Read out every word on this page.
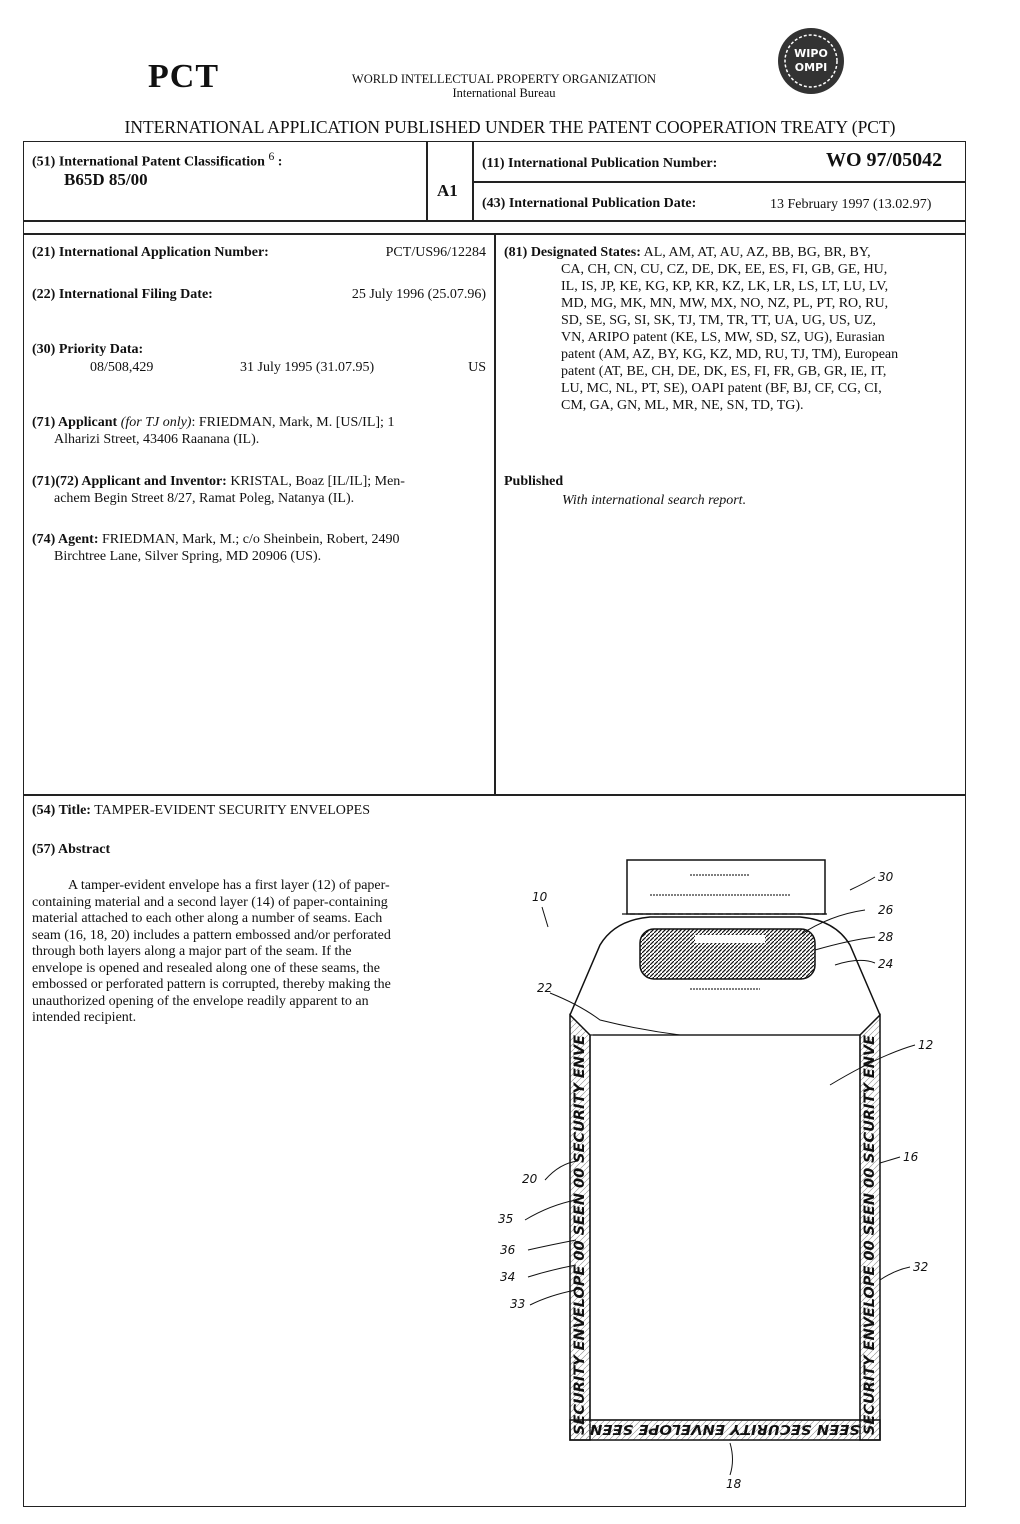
PCT	WORLD INTELLECTUAL PROPERTY ORGANIZATION
International Bureau
WIPO
OMPI
INTERNATIONAL APPLICATION PUBLISHED UNDER THE PATENT COOPERATION TREATY (PCT)
(51) International Patent Classification $^6$ :
B65D 85/00
A1
(11) International Publication Number:	WO 97/05042
(43) International Publication Date:	13 February 1997 (13.02.97)
(21) International Application Number:	PCT/US96/12284
(22) International Filing Date:	25 July 1996 (25.07.96)
(30) Priority Data:
08/508,429	31 July 1995 (31.07.95)	US
(71) Applicant (for TJ only): FRIEDMAN, Mark, M. [US/IL]; 1
Alharizi Street, 43406 Raanana (IL).
(71)(72) Applicant and Inventor: KRISTAL, Boaz [IL/IL]; Men-
achem Begin Street 8/27, Ramat Poleg, Natanya (IL).
(74) Agent: FRIEDMAN, Mark, M.; c/o Sheinbein, Robert, 2490
Birchtree Lane, Silver Spring, MD 20906 (US).
(81) Designated States: AL, AM, AT, AU, AZ, BB, BG, BR, BY,
CA, CH, CN, CU, CZ, DE, DK, EE, ES, FI, GB, GE, HU,
IL, IS, JP, KE, KG, KP, KR, KZ, LK, LR, LS, LT, LU, LV,
MD, MG, MK, MN, MW, MX, NO, NZ, PL, PT, RO, RU,
SD, SE, SG, SI, SK, TJ, TM, TR, TT, UA, UG, US, UZ,
VN, ARIPO patent (KE, LS, MW, SD, SZ, UG), Eurasian
patent (AM, AZ, BY, KG, KZ, MD, RU, TJ, TM), European
patent (AT, BE, CH, DE, DK, ES, FI, FR, GB, GR, IE, IT,
LU, MC, NL, PT, SE), OAPI patent (BF, BJ, CF, CG, CI,
CM, GA, GN, ML, MR, NE, SN, TD, TG).
Published
With international search report.
(54) Title: TAMPER-EVIDENT SECURITY ENVELOPES
(57) Abstract
A tamper-evident envelope has a first layer (12) of paper-
containing material and a second layer (14) of paper-containing
material attached to each other along a number of seams. Each
seam (16, 18, 20) includes a pattern embossed and/or perforated
through both layers along a major part of the seam. If the
envelope is opened and resealed along one of these seams, the
embossed or perforated pattern is corrupted, thereby making the
unauthorized opening of the envelope readily apparent to an
intended recipient.
SECURITY ENVELOPE 00 SEEN 00 SECURITY ENVE	SECURITY ENVELOPE 00 SEEN 00 SECURITY ENVE
SEEN SECURITY ENVELOPE SEEN
10
30
26
28
24
22
12
16
20
35
36
34
33
32
18
